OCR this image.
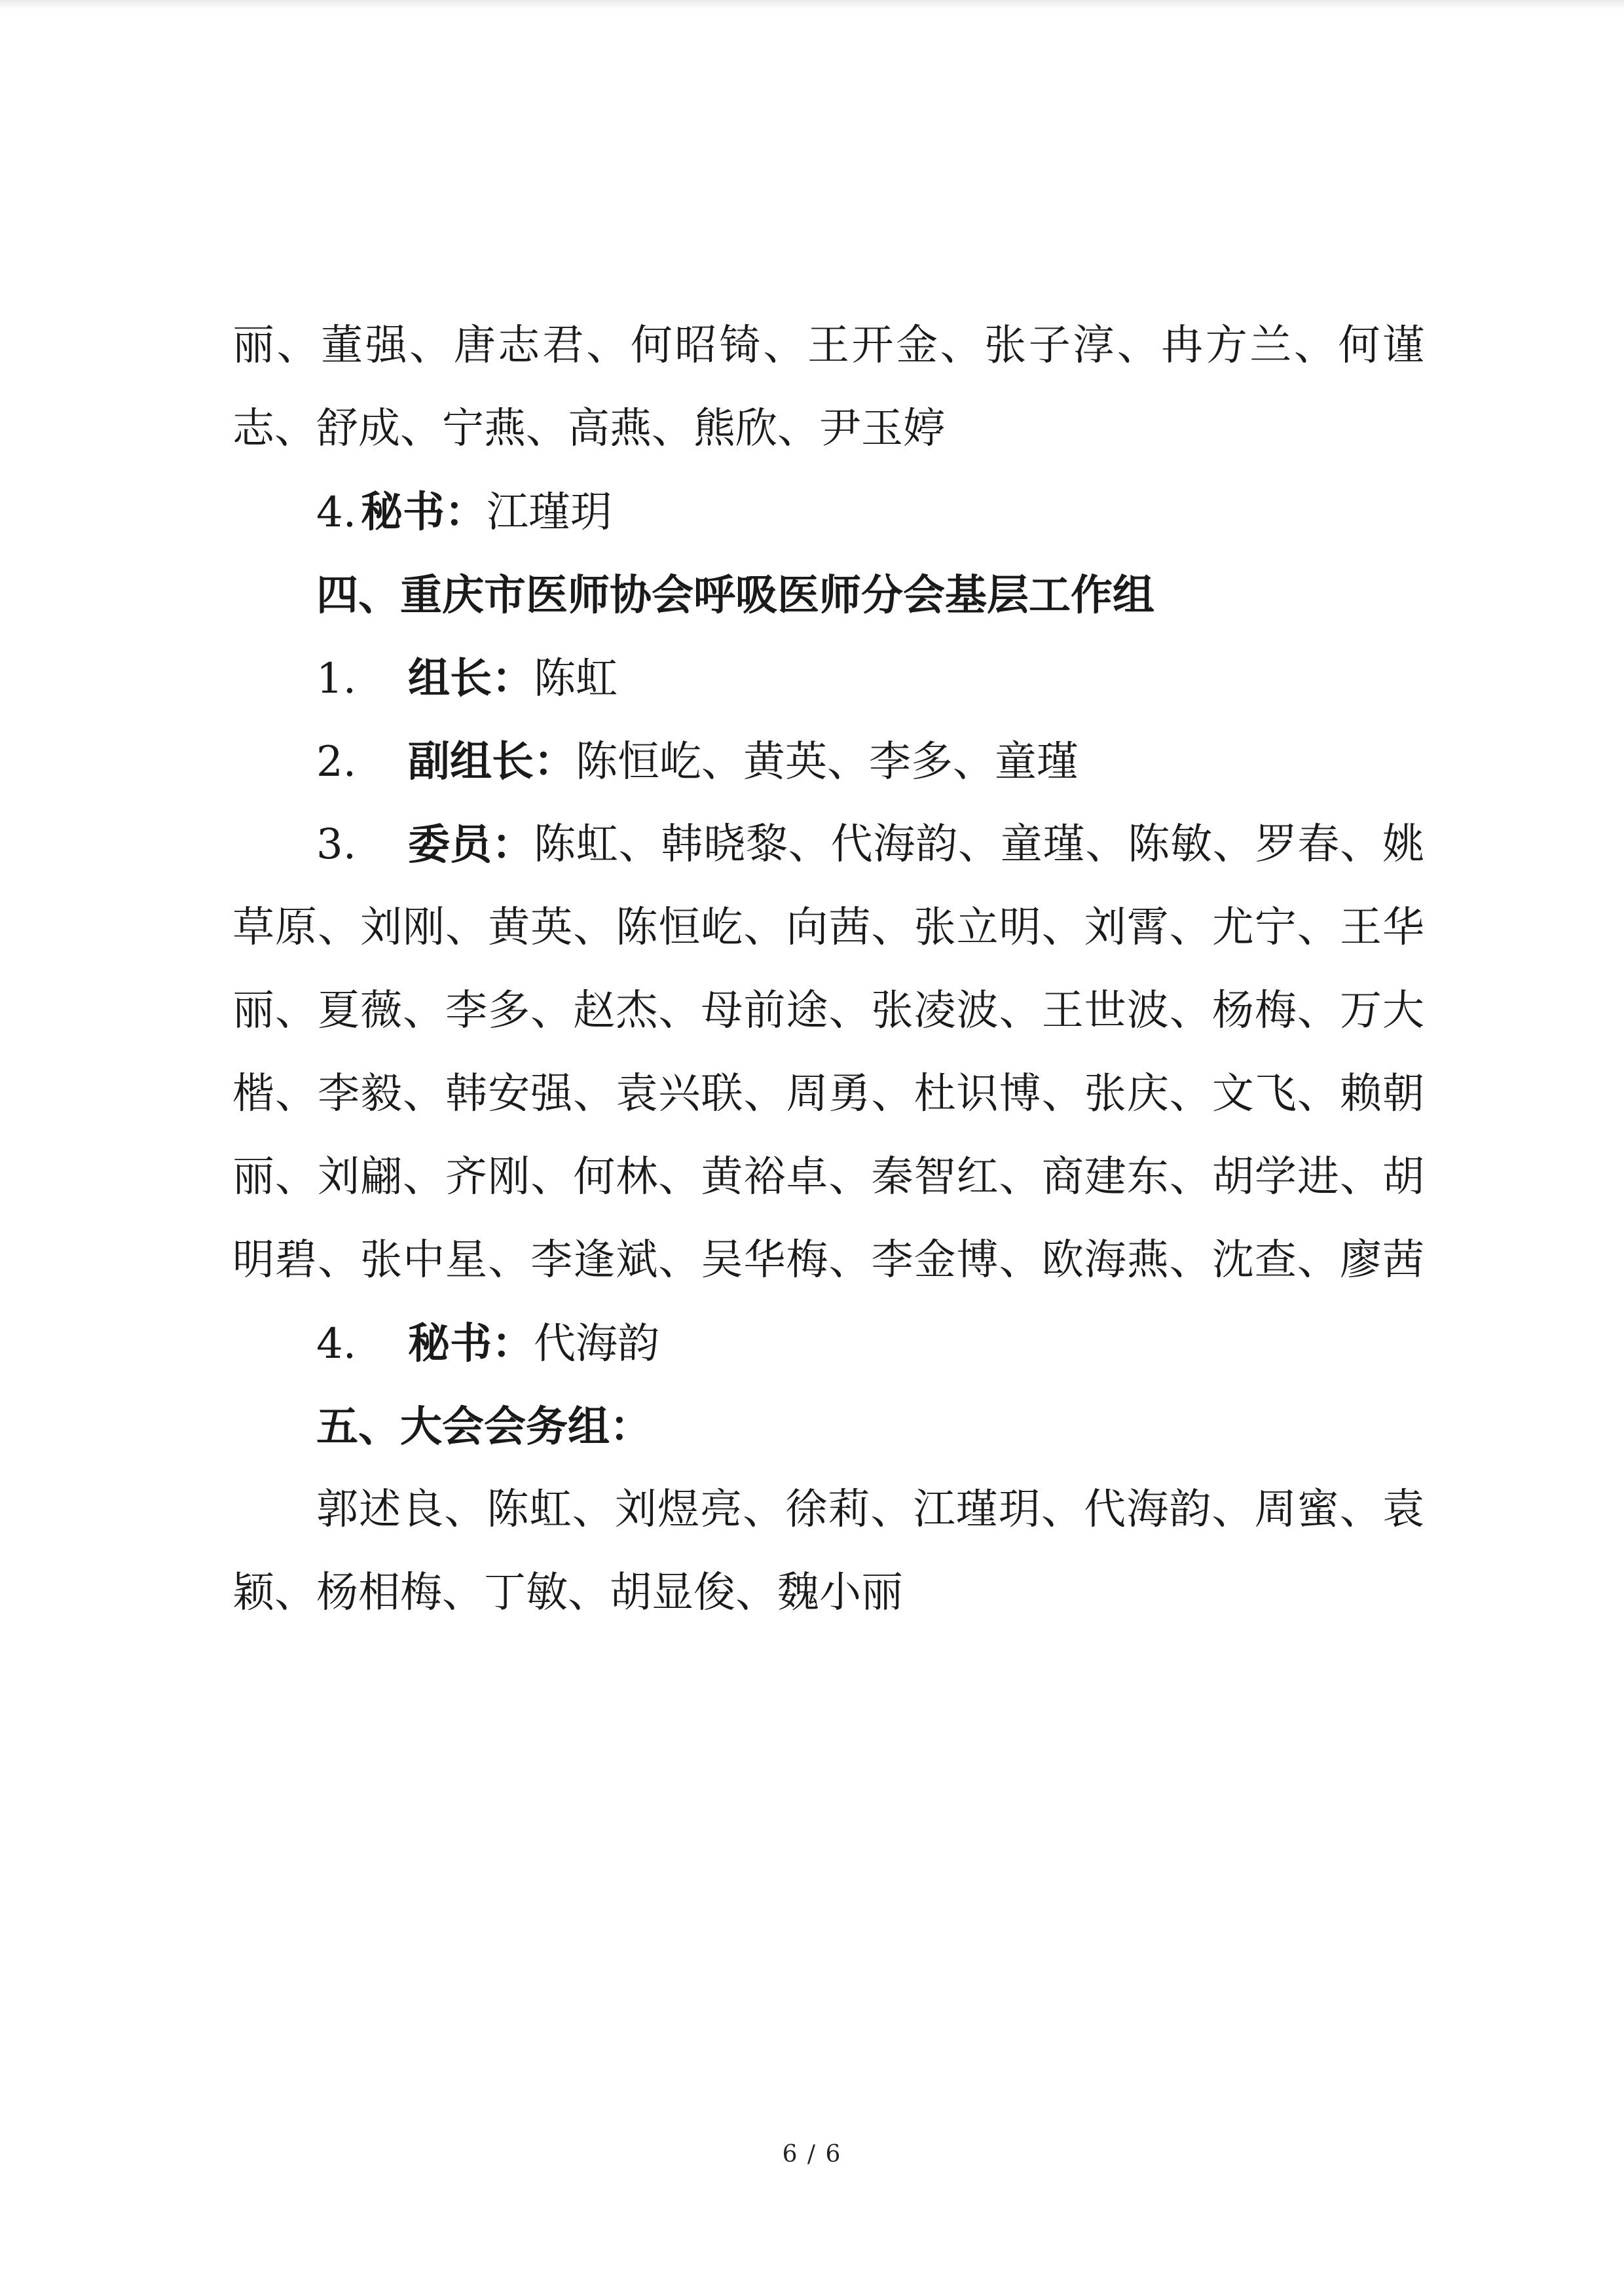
丽、董强、唐志君、何昭锜、王开金、张子淳、冉方兰、何谨
志、舒成、宁燕、高燕、熊欣、尹玉婷
4. 秘书：江瑾玥
四、重庆市医师协会呼吸医师分会基层工作组
1. 组长：陈虹
2. 副组长：陈恒屹、黄英、李多、童瑾
3.	委员： 陈虹、韩晓黎、代海韵、童瑾、陈敏、罗春、姚
草原、刘刚、黄英、陈恒屹、向茜、张立明、刘霄、尤宁、王华
丽、夏薇、李多、赵杰、母前途、张凌波、王世波、杨梅、万大
楷、李毅、韩安强、袁兴联、周勇、杜识博、张庆、文飞、赖朝
丽、刘翩、齐刚、何林、黄裕卓、秦智红、商建东、胡学进、胡
明碧、张中星、李逢斌、吴华梅、李金博、欧海燕、沈查、廖茜
4. 秘书：代海韵
五、大会会务组：
郭述良、陈虹、刘煜亮、徐莉、江瑾玥、代海韵、周蜜、袁
颖、杨相梅、丁敏、胡显俊、魏小丽
6 / 6
